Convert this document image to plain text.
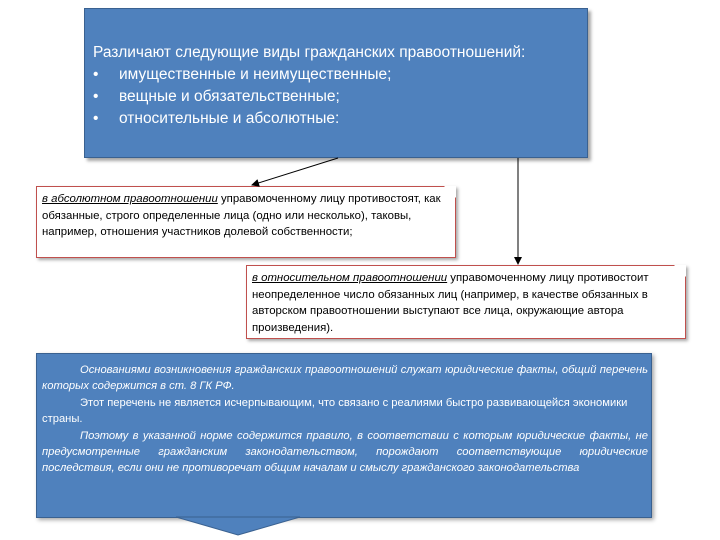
Различают следующие виды гражданских правоотношений:

• имущественные и неимущественные;
• вещные и обязательственные;
• относительные и абсолютные:

в абсолютном правоотношении управомоченному лицу противостоят, как обязанные, строго определенные лица (одно или несколько), таковы, например, отношения участников долевой собственности;

в относительном правоотношении управомоченному лицу противостоит неопределенное число обязанных лиц (например, в качестве обязанных в авторском правоотношении выступают все лица, окружающие автора произведения).

Основаниями возникновения гражданских правоотношений служат юридические факты, общий перечень которых содержится в ст. 8 ГК РФ.

Этот перечень не является исчерпывающим, что связано с реалиями быстро развивающейся экономики страны.

Поэтому в указанной норме содержится правило, в соответствии с которым юридические факты, не предусмотренные гражданским законодательством, порождают соответствующие юридические последствия, если они не противоречат общим началам и смыслу гражданского законодательства
